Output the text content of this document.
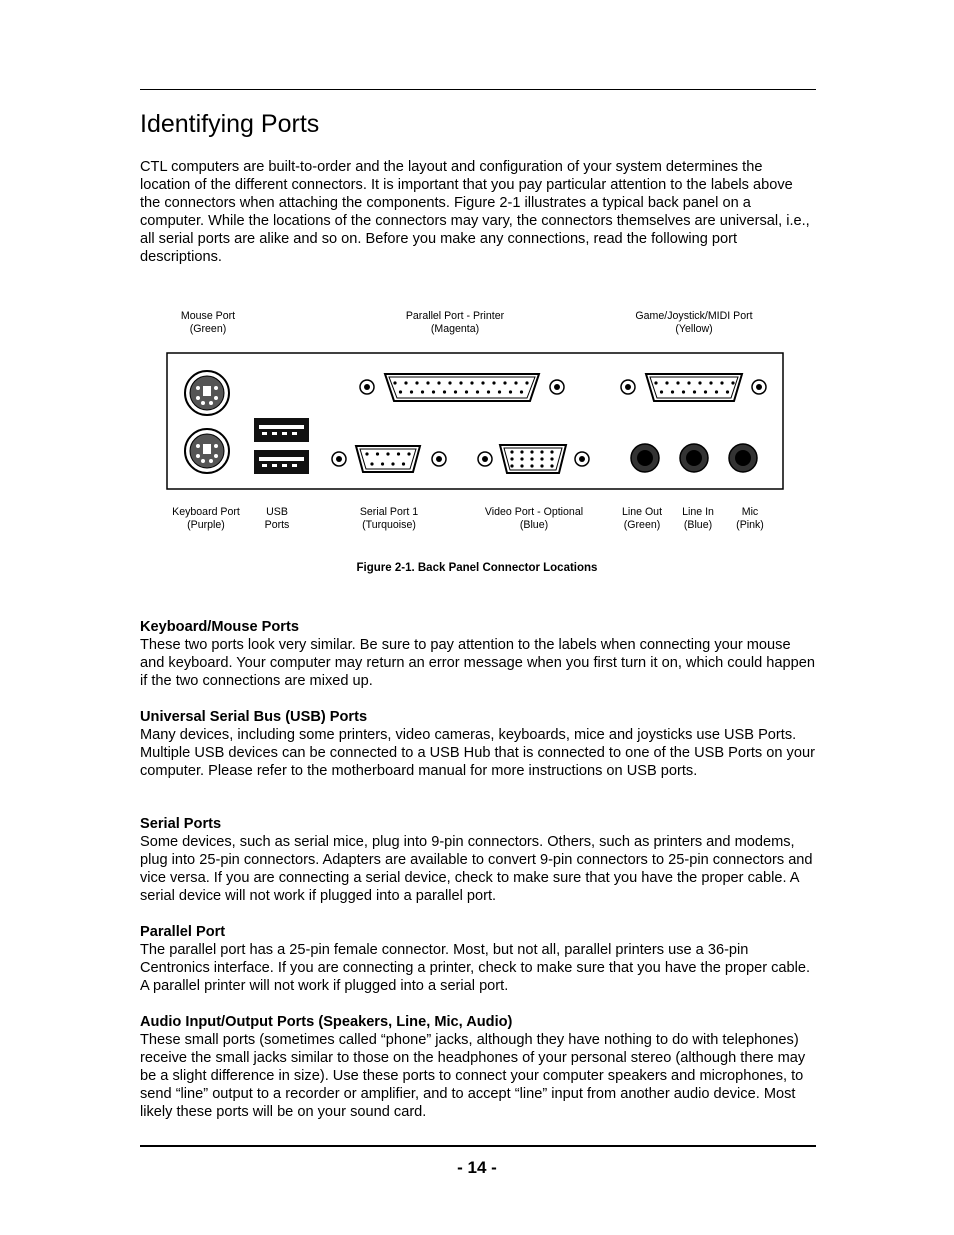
Identifying Ports

CTL computers are built-to-order and the layout and configuration of your system determines the location of the different connectors. It is important that you pay particular attention to the labels above the connectors when attaching the components. Figure 2-1 illustrates a typical back panel on a computer. While the locations of the connectors may vary, the connectors themselves are universal, i.e., all serial ports are alike and so on. Before you make any connections, read the following port descriptions.

Mouse Port
(Green)
Parallel Port - Printer
(Magenta)
Game/Joystick/MIDI Port
(Yellow)
Keyboard Port
(Purple)
USB
Ports
Serial Port 1
(Turquoise)
Video Port - Optional
(Blue)
Line Out
(Green)
Line In
(Blue)
Mic
(Pink)
Figure 2-1. Back Panel Connector Locations
Keyboard/Mouse Ports
These two ports look very similar. Be sure to pay attention to the labels when connecting your mouse and keyboard. Your computer may return an error message when you first turn it on, which could happen if the two connections are mixed up.
Universal Serial Bus (USB) Ports
Many devices, including some printers, video cameras, keyboards, mice and joysticks use USB Ports. Multiple USB devices can be connected to a USB Hub that is connected to one of the USB Ports on your computer. Please refer to the motherboard manual for more instructions on USB ports.
Serial Ports
Some devices, such as serial mice, plug into 9-pin connectors. Others, such as printers and modems, plug into 25-pin connectors. Adapters are available to convert 9-pin connectors to 25-pin connectors and vice versa. If you are connecting a serial device, check to make sure that you have the proper cable. A serial device will not work if plugged into a parallel port.
Parallel Port
The parallel port has a 25-pin female connector. Most, but not all, parallel printers use a 36-pin Centronics interface. If you are connecting a printer, check to make sure that you have the proper cable. A parallel printer will not work if plugged into a serial port.
Audio Input/Output Ports (Speakers, Line, Mic, Audio)
These small ports (sometimes called “phone” jacks, although they have nothing to do with telephones) receive the small jacks similar to those on the headphones of your personal stereo (although there may be a slight difference in size). Use these ports to connect your computer speakers and microphones, to send “line” output to a recorder or amplifier, and to accept “line” input from another audio device. Most likely these ports will be on your sound card.
- 14 -
